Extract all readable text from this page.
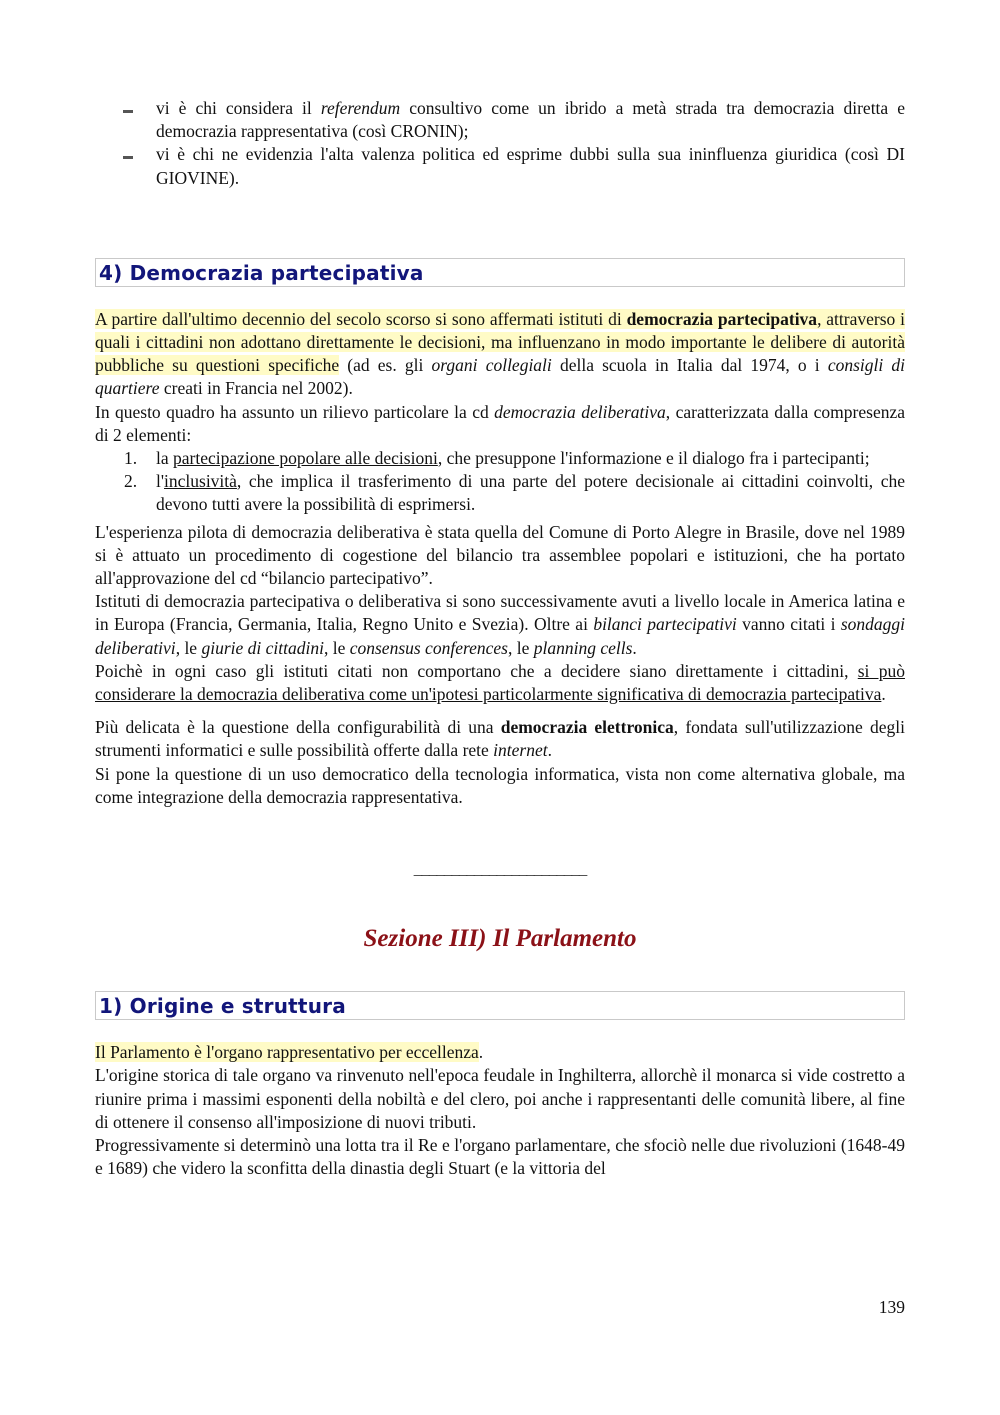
▬ vi è chi considera il referendum consultivo come un ibrido a metà strada tra democrazia diretta e democrazia rappresentativa (così CRONIN);
▬ vi è chi ne evidenzia l'alta valenza politica ed esprime dubbi sulla sua ininfluenza giuridica (così DI GIOVINE).
4) Democrazia partecipativa

A partire dall'ultimo decennio del secolo scorso si sono affermati istituti di democrazia partecipativa, attraverso i quali i cittadini non adottano direttamente le decisioni, ma influenzano in modo importante le delibere di autorità pubbliche su questioni specifiche (ad es. gli organi collegiali della scuola in Italia dal 1974, o i consigli di quartiere creati in Francia nel 2002).

In questo quadro ha assunto un rilievo particolare la cd democrazia deliberativa, caratterizzata dalla compresenza di 2 elementi:

1. la partecipazione popolare alle decisioni, che presuppone l'informazione e il dialogo fra i partecipanti;
2. l'inclusività, che implica il trasferimento di una parte del potere decisionale ai cittadini coinvolti, che devono tutti avere la possibilità di esprimersi.

L'esperienza pilota di democrazia deliberativa è stata quella del Comune di Porto Alegre in Brasile, dove nel 1989 si è attuato un procedimento di cogestione del bilancio tra assemblee popolari e istituzioni, che ha portato all'approvazione del cd “bilancio partecipativo”.

Istituti di democrazia partecipativa o deliberativa si sono successivamente avuti a livello locale in America latina e in Europa (Francia, Germania, Italia, Regno Unito e Svezia). Oltre ai bilanci partecipativi vanno citati i sondaggi deliberativi, le giurie di cittadini, le consensus conferences, le planning cells.

Poichè in ogni caso gli istituti citati non comportano che a decidere siano direttamente i cittadini, si può considerare la democrazia deliberativa come un'ipotesi particolarmente significativa di democrazia partecipativa.

Più delicata è la questione della configurabilità di una democrazia elettronica, fondata sull'utilizzazione degli strumenti informatici e sulle possibilità offerte dalla rete internet.

Si pone la questione di un uso democratico della tecnologia informatica, vista non come alternativa globale, ma come integrazione della democrazia rappresentativa.

_______________________
Sezione III) Il Parlamento
1) Origine e struttura

Il Parlamento è l'organo rappresentativo per eccellenza.

L'origine storica di tale organo va rinvenuto nell'epoca feudale in Inghilterra, allorchè il monarca si vide costretto a riunire prima i massimi esponenti della nobiltà e del clero, poi anche i rappresentanti delle comunità libere, al fine di ottenere il consenso all'imposizione di nuovi tributi.

Progressivamente si determinò una lotta tra il Re e l'organo parlamentare, che sfociò nelle due rivoluzioni (1648-49 e 1689) che videro la sconfitta della dinastia degli Stuart (e la vittoria del

139
